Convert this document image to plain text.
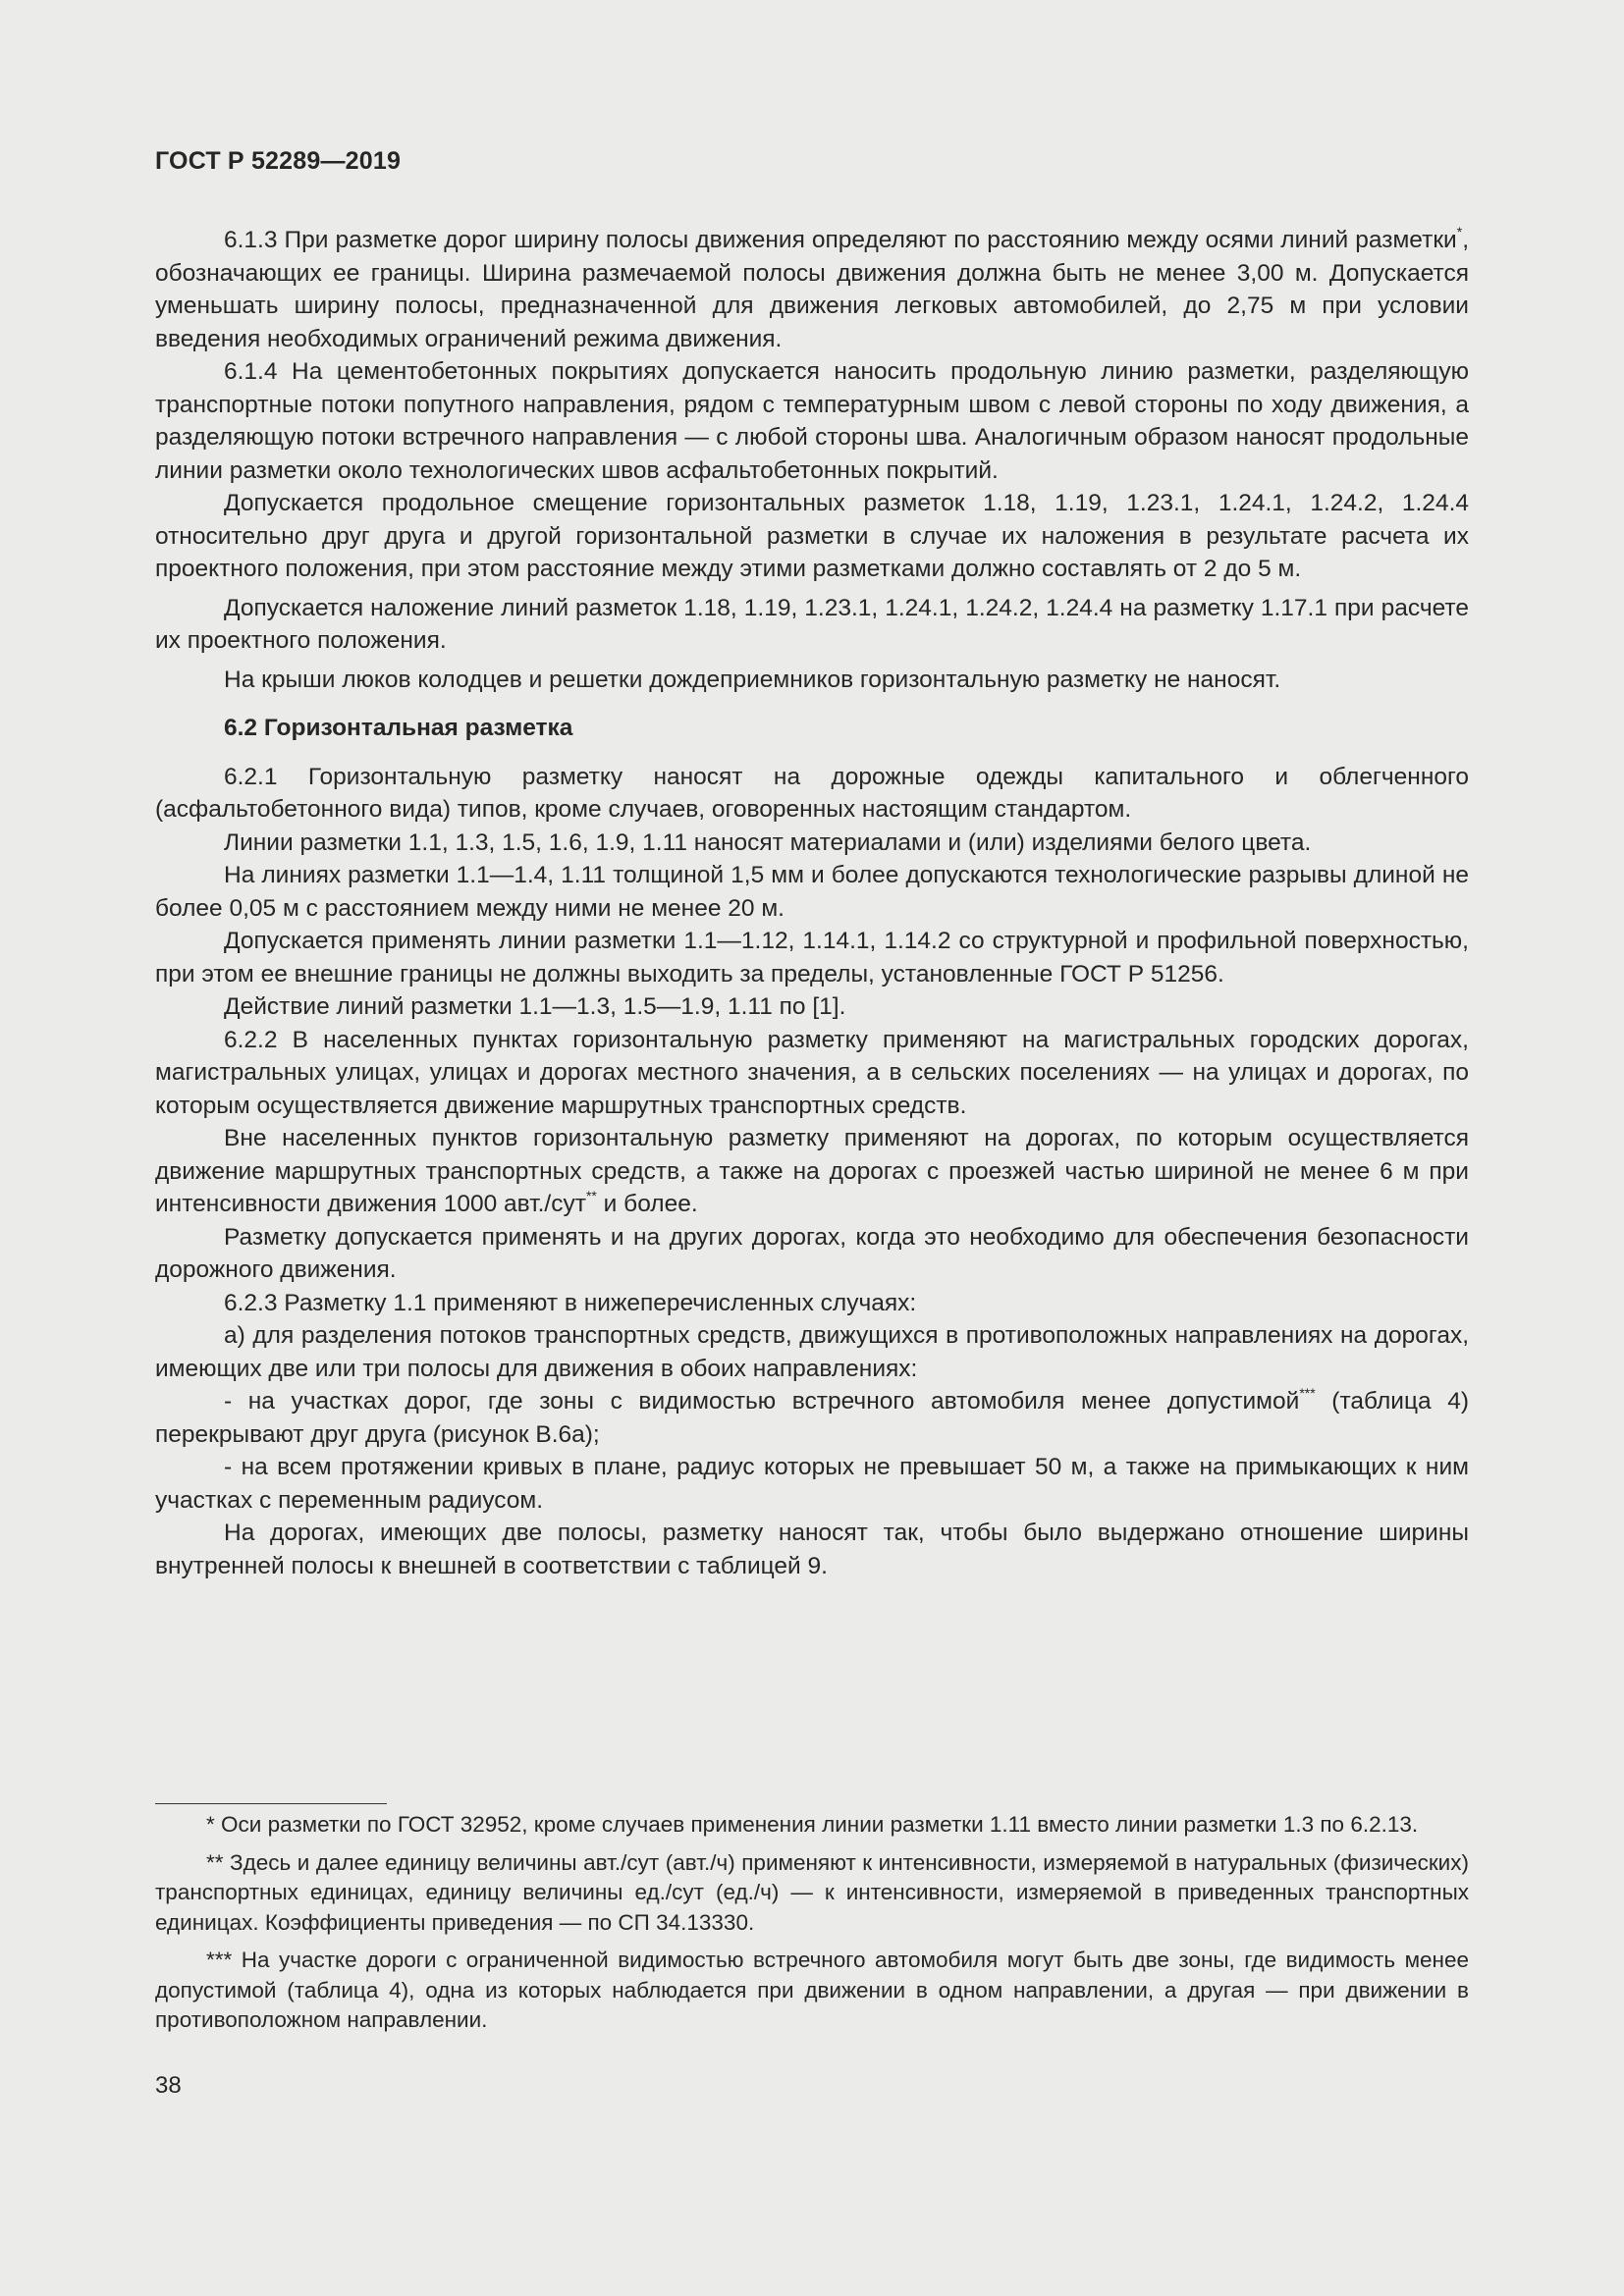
ГОСТ Р 52289—2019

6.1.3 При разметке дорог ширину полосы движения определяют по расстоянию между осями линий разметки*, обозначающих ее границы. Ширина размечаемой полосы движения должна быть не менее 3,00 м. Допускается уменьшать ширину полосы, предназначенной для движения легковых автомобилей, до 2,75 м при условии введения необходимых ограничений режима движения.

6.1.4 На цементобетонных покрытиях допускается наносить продольную линию разметки, разделяющую транспортные потоки попутного направления, рядом с температурным швом с левой стороны по ходу движения, а разделяющую потоки встречного направления — с любой стороны шва. Аналогичным образом наносят продольные линии разметки около технологических швов асфальтобетонных покрытий.

Допускается продольное смещение горизонтальных разметок 1.18, 1.19, 1.23.1, 1.24.1, 1.24.2, 1.24.4 относительно друг друга и другой горизонтальной разметки в случае их наложения в результате расчета их проектного положения, при этом расстояние между этими разметками должно составлять от 2 до 5 м.

Допускается наложение линий разметок 1.18, 1.19, 1.23.1, 1.24.1, 1.24.2, 1.24.4 на разметку 1.17.1 при расчете их проектного положения.

На крыши люков колодцев и решетки дождеприемников горизонтальную разметку не наносят.

6.2 Горизонтальная разметка

6.2.1 Горизонтальную разметку наносят на дорожные одежды капитального и облегченного (асфальтобетонного вида) типов, кроме случаев, оговоренных настоящим стандартом.

Линии разметки 1.1, 1.3, 1.5, 1.6, 1.9, 1.11 наносят материалами и (или) изделиями белого цвета.

На линиях разметки 1.1—1.4, 1.11 толщиной 1,5 мм и более допускаются технологические разрывы длиной не более 0,05 м с расстоянием между ними не менее 20 м.

Допускается применять линии разметки 1.1—1.12, 1.14.1, 1.14.2 со структурной и профильной поверхностью, при этом ее внешние границы не должны выходить за пределы, установленные ГОСТ Р 51256.

Действие линий разметки 1.1—1.3, 1.5—1.9, 1.11 по [1].

6.2.2 В населенных пунктах горизонтальную разметку применяют на магистральных городских дорогах, магистральных улицах, улицах и дорогах местного значения, а в сельских поселениях — на улицах и дорогах, по которым осуществляется движение маршрутных транспортных средств.

Вне населенных пунктов горизонтальную разметку применяют на дорогах, по которым осуществляется движение маршрутных транспортных средств, а также на дорогах с проезжей частью шириной не менее 6 м при интенсивности движения 1000 авт./сут** и более.

Разметку допускается применять и на других дорогах, когда это необходимо для обеспечения безопасности дорожного движения.

6.2.3 Разметку 1.1 применяют в нижеперечисленных случаях:

а) для разделения потоков транспортных средств, движущихся в противоположных направлениях на дорогах, имеющих две или три полосы для движения в обоих направлениях:

- на участках дорог, где зоны с видимостью встречного автомобиля менее допустимой*** (таблица 4) перекрывают друг друга (рисунок В.6а);

- на всем протяжении кривых в плане, радиус которых не превышает 50 м, а также на примыкающих к ним участках с переменным радиусом.

На дорогах, имеющих две полосы, разметку наносят так, чтобы было выдержано отношение ширины внутренней полосы к внешней в соответствии с таблицей 9.

* Оси разметки по ГОСТ 32952, кроме случаев применения линии разметки 1.11 вместо линии разметки 1.3 по 6.2.13.

** Здесь и далее единицу величины авт./сут (авт./ч) применяют к интенсивности, измеряемой в натуральных (физических) транспортных единицах, единицу величины ед./сут (ед./ч) — к интенсивности, измеряемой в приведенных транспортных единицах. Коэффициенты приведения — по СП 34.13330.

*** На участке дороги с ограниченной видимостью встречного автомобиля могут быть две зоны, где видимость менее допустимой (таблица 4), одна из которых наблюдается при движении в одном направлении, а другая — при движении в противоположном направлении.

38
